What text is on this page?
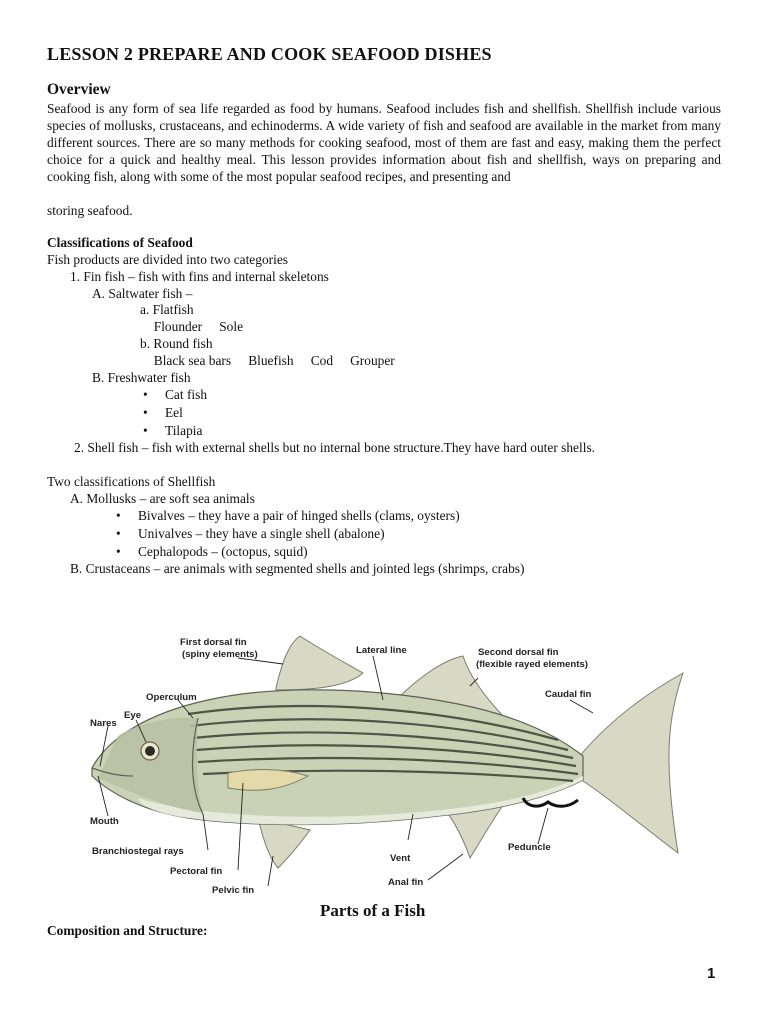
LESSON 2 PREPARE AND COOK SEAFOOD DISHES
Overview

Seafood is any form of sea life regarded as food by humans. Seafood includes fish and shellfish. Shellfish include various species of mollusks, crustaceans, and echinoderms. A wide variety of fish and seafood are available in the market from many different sources. There are so many methods for cooking seafood, most of them are fast and easy, making them the perfect choice for a quick and healthy meal. This lesson provides information about fish and shellfish, ways on preparing and cooking fish, along with some of the most popular seafood recipes, and presenting and

storing seafood.

Classifications of Seafood

Fish products are divided into two categories

1. Fin fish – fish with fins and internal skeletons

A. Saltwater fish –

a. Flatfish

Flounder Sole

b. Round fish

Black sea bars Bluefish Cod Grouper

B. Freshwater fish

• Cat fish

• Eel

• Tilapia

2. Shell fish – fish with external shells but no internal bone structure.They have hard outer shells.

Two classifications of Shellfish

A. Mollusks – are soft sea animals

• Bivalves – they have a pair of hinged shells (clams, oysters)

• Univalves – they have a single shell (abalone)

• Cephalopods – (octopus, squid)

B. Crustaceans – are animals with segmented shells and jointed legs (shrimps, crabs)

First dorsal fin
(spiny elements)	Lateral line	Second dorsal fin
(flexible rayed elements)
Operculum
Eye
Nares
Caudal fin
Mouth
Branchiostegal rays
Pectoral fin
Pelvic fin
Vent
Anal fin
Peduncle

Parts of a Fish

Composition and Structure:

1
